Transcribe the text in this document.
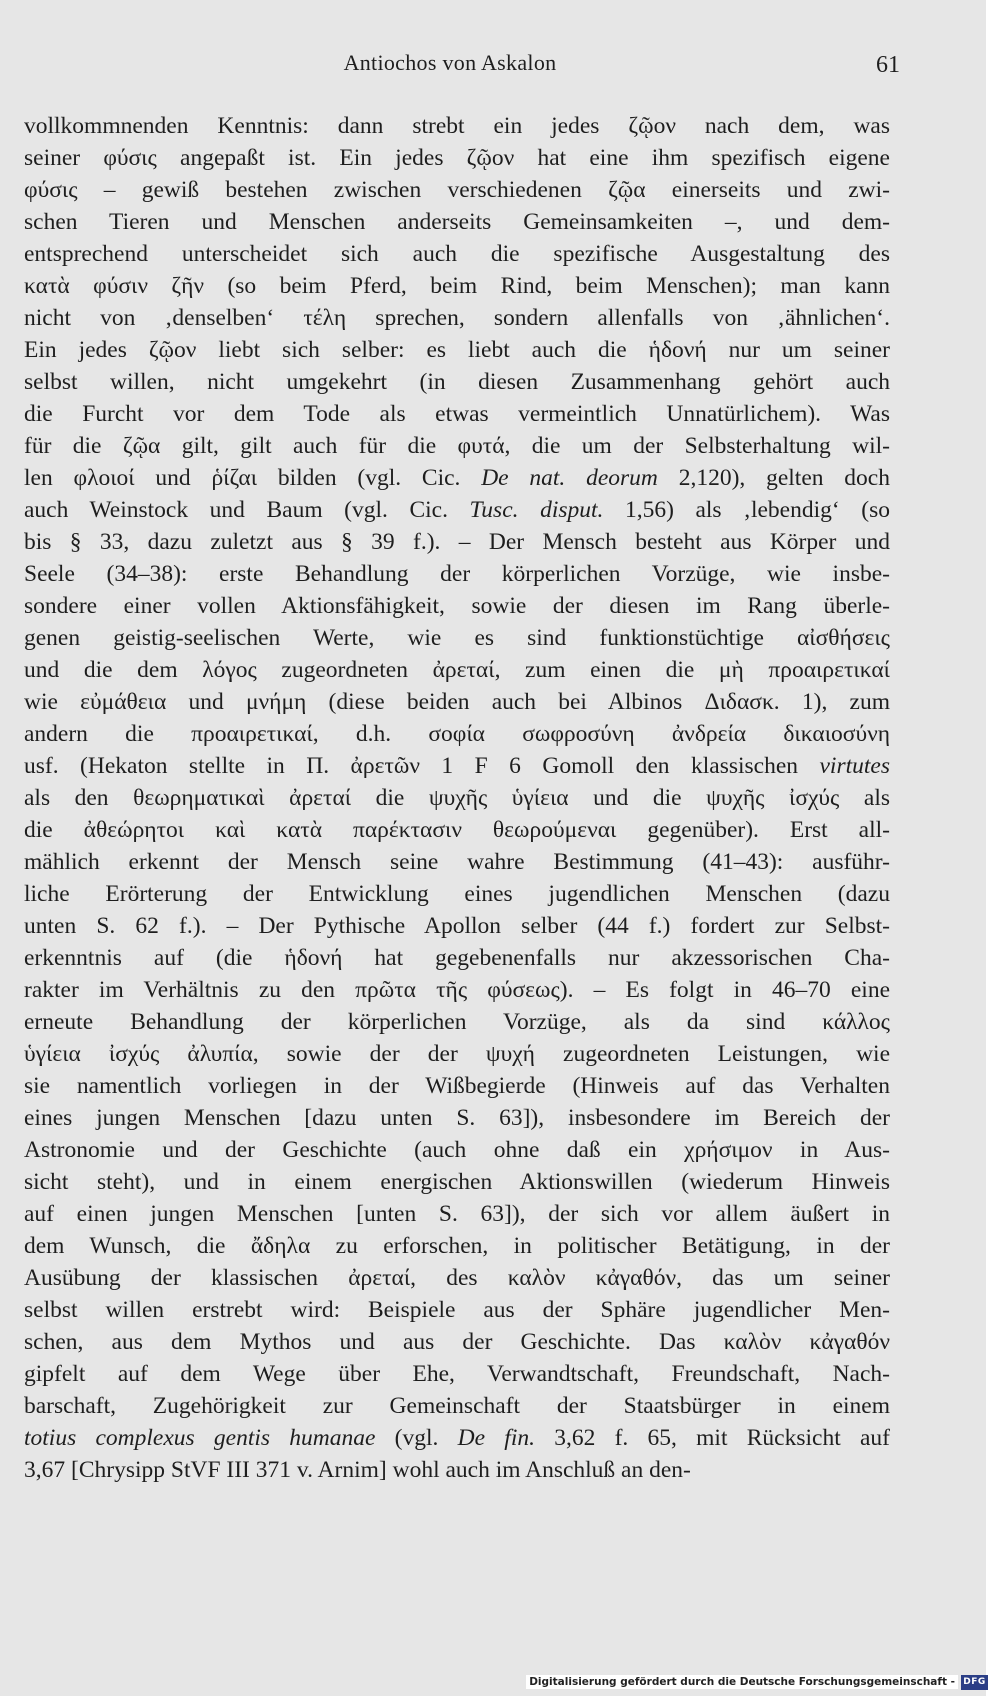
Antiochos von Askalon	61
vollkommnenden Kenntnis: dann strebt ein jedes ζῷον nach dem, was
seiner φύσις angepaßt ist. Ein jedes ζῷον hat eine ihm spezifisch eigene
φύσις – gewiß bestehen zwischen verschiedenen ζῷα einerseits und zwi-
schen Tieren und Menschen anderseits Gemeinsamkeiten –, und dem-
entsprechend unterscheidet sich auch die spezifische Ausgestaltung des
κατὰ φύσιν ζῆν (so beim Pferd, beim Rind, beim Menschen); man kann
nicht von ‚denselben‘ τέλη sprechen, sondern allenfalls von ‚ähnlichen‘.
Ein jedes ζῷον liebt sich selber: es liebt auch die ἡδονή nur um seiner
selbst willen, nicht umgekehrt (in diesen Zusammenhang gehört auch
die Furcht vor dem Tode als etwas vermeintlich Unnatürlichem). Was
für die ζῷα gilt, gilt auch für die φυτά, die um der Selbsterhaltung wil-
len φλοιοί und ῥίζαι bilden (vgl. Cic. De nat. deorum 2,120), gelten doch
auch Weinstock und Baum (vgl. Cic. Tusc. disput. 1,56) als ‚lebendig‘ (so
bis § 33, dazu zuletzt aus § 39 f.). – Der Mensch besteht aus Körper und
Seele (34–38): erste Behandlung der körperlichen Vorzüge, wie insbe-
sondere einer vollen Aktionsfähigkeit, sowie der diesen im Rang überle-
genen geistig-seelischen Werte, wie es sind funktionstüchtige αἰσθήσεις
und die dem λόγος zugeordneten ἀρεταί, zum einen die μὴ προαιρετικαί
wie εὐμάθεια und μνήμη (diese beiden auch bei Albinos Διδασκ. 1), zum
andern die προαιρετικαί, d.h. σοφία σωφροσύνη ἀνδρεία δικαιοσύνη
usf. (Hekaton stellte in Π. ἀρετῶν 1 F 6 Gomoll den klassischen virtutes
als den θεωρηματικαὶ ἀρεταί die ψυχῆς ὑγίεια und die ψυχῆς ἰσχύς als
die ἀθεώρητοι καὶ κατὰ παρέκτασιν θεωρούμεναι gegenüber). Erst all-
mählich erkennt der Mensch seine wahre Bestimmung (41–43): ausführ-
liche Erörterung der Entwicklung eines jugendlichen Menschen (dazu
unten S. 62 f.). – Der Pythische Apollon selber (44 f.) fordert zur Selbst-
erkenntnis auf (die ἡδονή hat gegebenenfalls nur akzessorischen Cha-
rakter im Verhältnis zu den πρῶτα τῆς φύσεως). – Es folgt in 46–70 eine
erneute Behandlung der körperlichen Vorzüge, als da sind κάλλος
ὑγίεια ἰσχύς ἀλυπία, sowie der der ψυχή zugeordneten Leistungen, wie
sie namentlich vorliegen in der Wißbegierde (Hinweis auf das Verhalten
eines jungen Menschen [dazu unten S. 63]), insbesondere im Bereich der
Astronomie und der Geschichte (auch ohne daß ein χρήσιμον in Aus-
sicht steht), und in einem energischen Aktionswillen (wiederum Hinweis
auf einen jungen Menschen [unten S. 63]), der sich vor allem äußert in
dem Wunsch, die ἄδηλα zu erforschen, in politischer Betätigung, in der
Ausübung der klassischen ἀρεταί, des καλὸν κἀγαθόν, das um seiner
selbst willen erstrebt wird: Beispiele aus der Sphäre jugendlicher Men-
schen, aus dem Mythos und aus der Geschichte. Das καλὸν κἀγαθόν
gipfelt auf dem Wege über Ehe, Verwandtschaft, Freundschaft, Nach-
barschaft, Zugehörigkeit zur Gemeinschaft der Staatsbürger in einem
totius complexus gentis humanae (vgl. De fin. 3,62 f. 65, mit Rücksicht auf
3,67 [Chrysipp StVF III 371 v. Arnim] wohl auch im Anschluß an den-
Digitalisierung gefördert durch die Deutsche Forschungsgemeinschaft - DFG
